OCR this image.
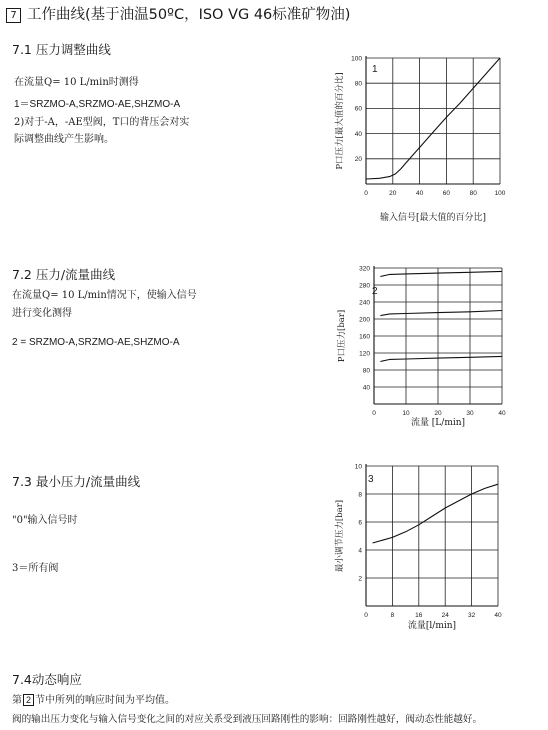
7 工作曲线(基于油温50ºC，ISO VG 46标准矿物油)
7.1 压力调整曲线
在流量Q= 10 L/min时测得
1＝SRZMO-A,SRZMO-AE,SHZMO-A
2)对于-A，-AE型阀，T口的背压会对实
际调整曲线产生影响。
7.2 压力/流量曲线
在流量Q= 10 L/min情况下，使输入信号
进行变化测得
2 = SRZMO-A,SRZMO-AE,SHZMO-A
7.3 最小压力/流量曲线
"0"输入信号时
3＝所有阀
7.4动态响应
第 2 节中所列的响应时间为平均值。
阀的输出压力变化与输入信号变化之间的对应关系受到液压回路刚性的影响：回路刚性越好，阀动态性能越好。
0	20	40	60	80	100
20
40
60
80
100
输入信号[最大值的百分比]
P口压力[最大值的百分比]
1
0	10	20	30	40
40
80
120
160
200
240
280
320
流量 [L/min]
P口压力[bar]
2
0	8	16	24	32	40
2
4
6
8
10
流量[l/min]
最小调节压力[bar]
3
